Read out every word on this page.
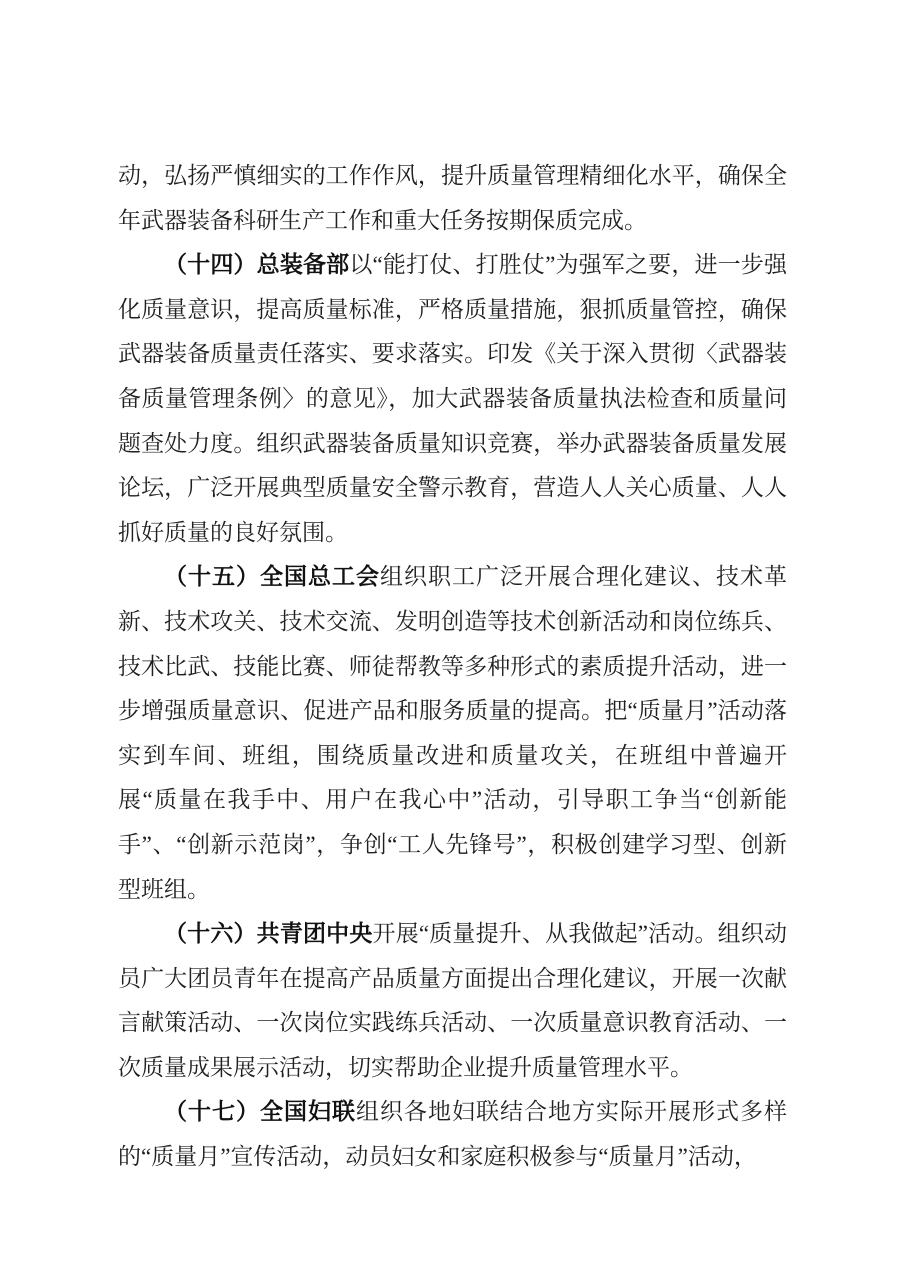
动，弘扬严慎细实的工作作风，提升质量管理精细化水平，确保全年武器装备科研生产工作和重大任务按期保质完成。

（十四）总装备部以“能打仗、打胜仗”为强军之要，进一步强化质量意识，提高质量标准，严格质量措施，狠抓质量管控，确保武器装备质量责任落实、要求落实。印发《关于深入贯彻〈武器装备质量管理条例〉的意见》，加大武器装备质量执法检查和质量问题查处力度。组织武器装备质量知识竞赛，举办武器装备质量发展论坛，广泛开展典型质量安全警示教育，营造人人关心质量、人人抓好质量的良好氛围。

（十五）全国总工会组织职工广泛开展合理化建议、技术革新、技术攻关、技术交流、发明创造等技术创新活动和岗位练兵、技术比武、技能比赛、师徒帮教等多种形式的素质提升活动，进一步增强质量意识、促进产品和服务质量的提高。把“质量月”活动落实到车间、班组，围绕质量改进和质量攻关，在班组中普遍开展“质量在我手中、用户在我心中”活动，引导职工争当“创新能手”、“创新示范岗”，争创“工人先锋号”，积极创建学习型、创新型班组。

（十六）共青团中央开展“质量提升、从我做起”活动。组织动员广大团员青年在提高产品质量方面提出合理化建议，开展一次献言献策活动、一次岗位实践练兵活动、一次质量意识教育活动、一次质量成果展示活动，切实帮助企业提升质量管理水平。

（十七）全国妇联组织各地妇联结合地方实际开展形式多样的“质量月”宣传活动，动员妇女和家庭积极参与“质量月”活动，
